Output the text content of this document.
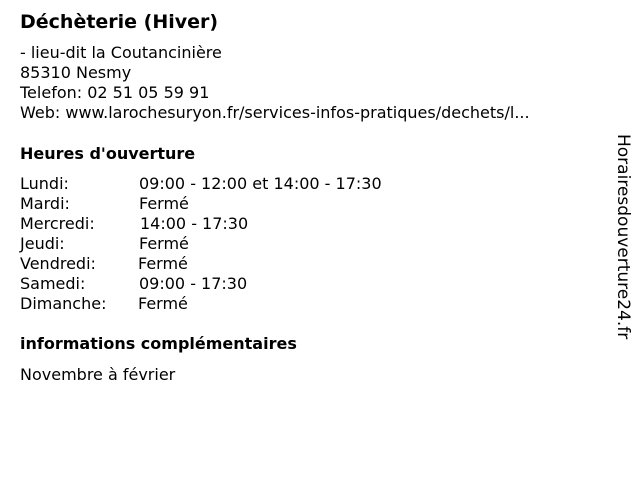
Déchèterie (Hiver)
- lieu-dit la Coutancinière
85310 Nesmy
Telefon: 02 51 05 59 91
Web: www.larochesuryon.fr/services-infos-pratiques/dechets/l...
Heures d'ouverture
Lundi:	09:00 - 12:00 et 14:00 - 17:30
Mardi:	Fermé
Mercredi:	14:00 - 17:30
Jeudi:	Fermé
Vendredi:	Fermé
Samedi:	09:00 - 17:30
Dimanche: Fermé
informations complémentaires
Novembre à février
Horairesdouverture24.fr
